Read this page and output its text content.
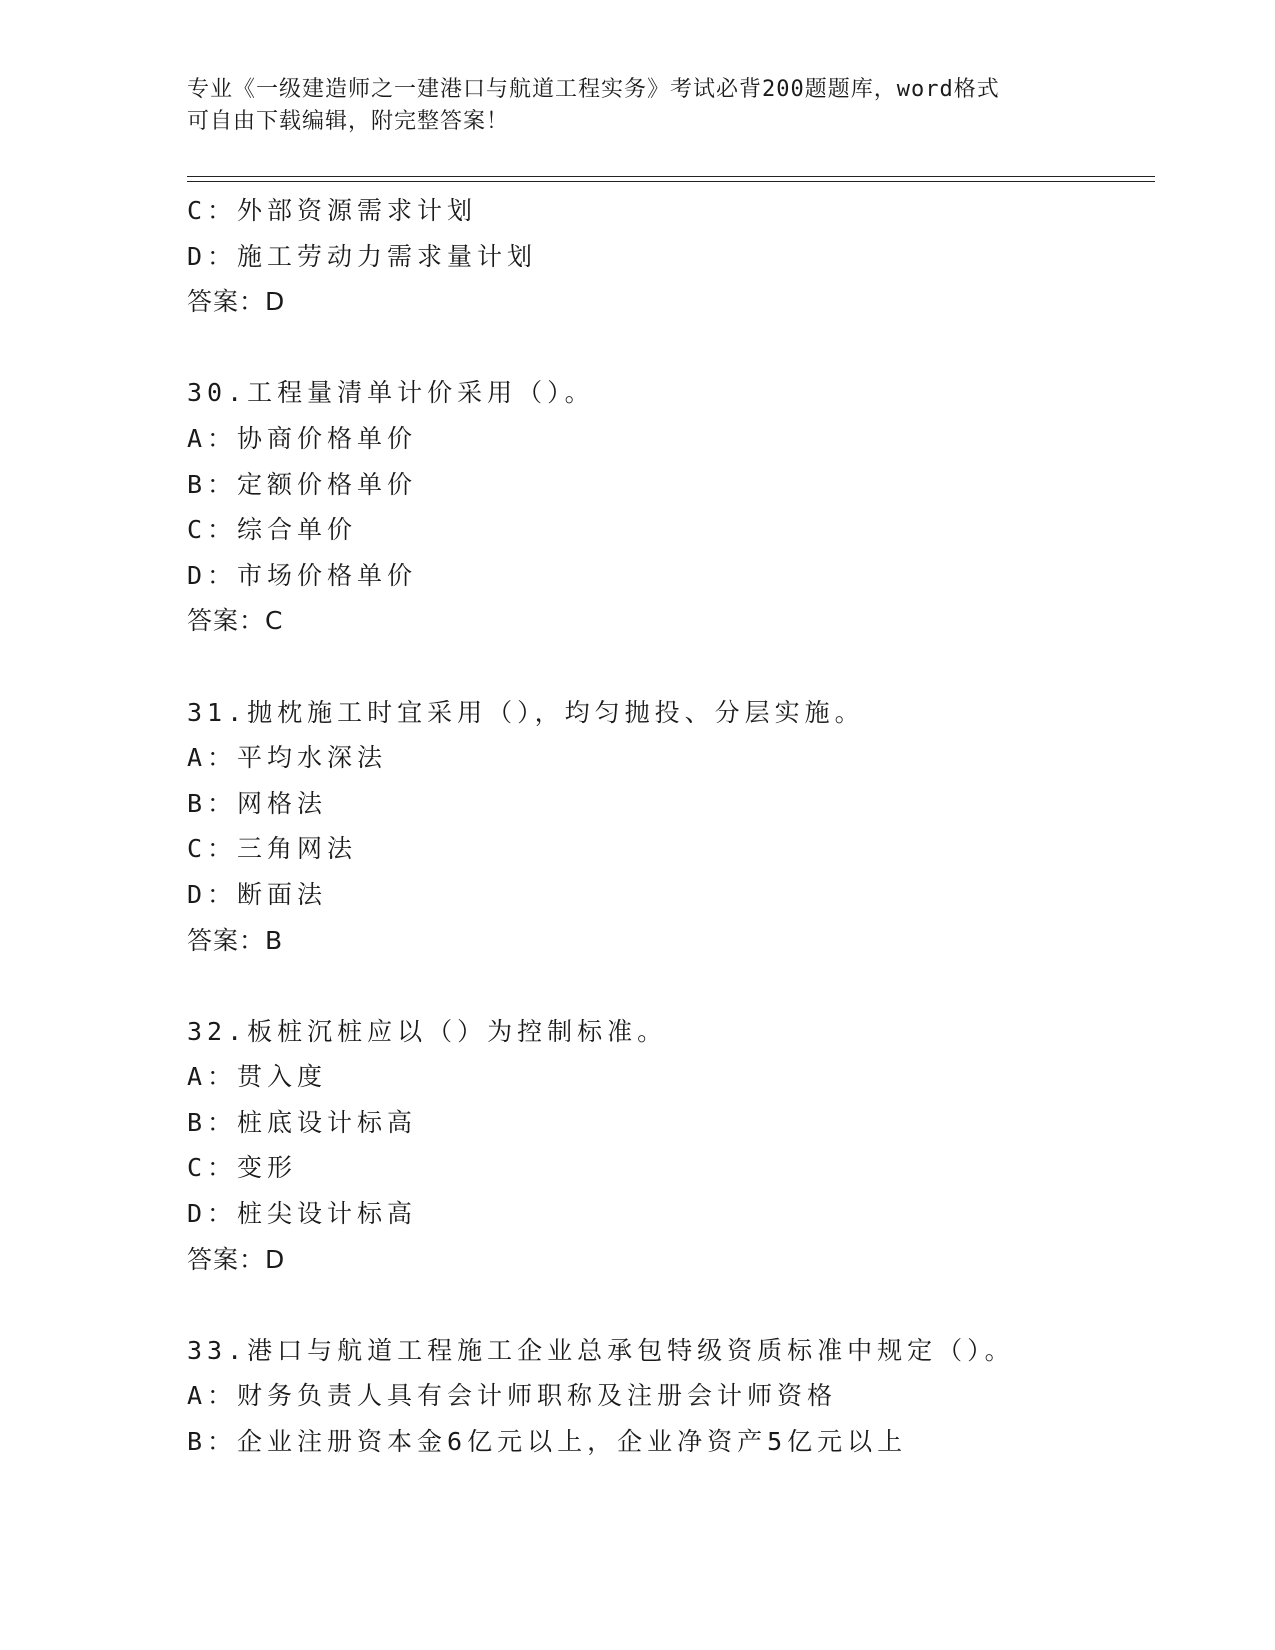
专业《一级建造师之一建港口与航道工程实务》考试必背200题题库，word格式
可自由下载编辑，附完整答案！
C：外部资源需求计划
D：施工劳动力需求量计划
答案：D
30.工程量清单计价采用（）。
A：协商价格单价
B：定额价格单价
C：综合单价
D：市场价格单价
答案：C
31.抛枕施工时宜采用（），均匀抛投、分层实施。
A：平均水深法
B：网格法
C：三角网法
D：断面法
答案：B
32.板桩沉桩应以（）为控制标准。
A：贯入度
B：桩底设计标高
C：变形
D：桩尖设计标高
答案：D
33.港口与航道工程施工企业总承包特级资质标准中规定（）。
A：财务负责人具有会计师职称及注册会计师资格
B：企业注册资本金6亿元以上，企业净资产5亿元以上
